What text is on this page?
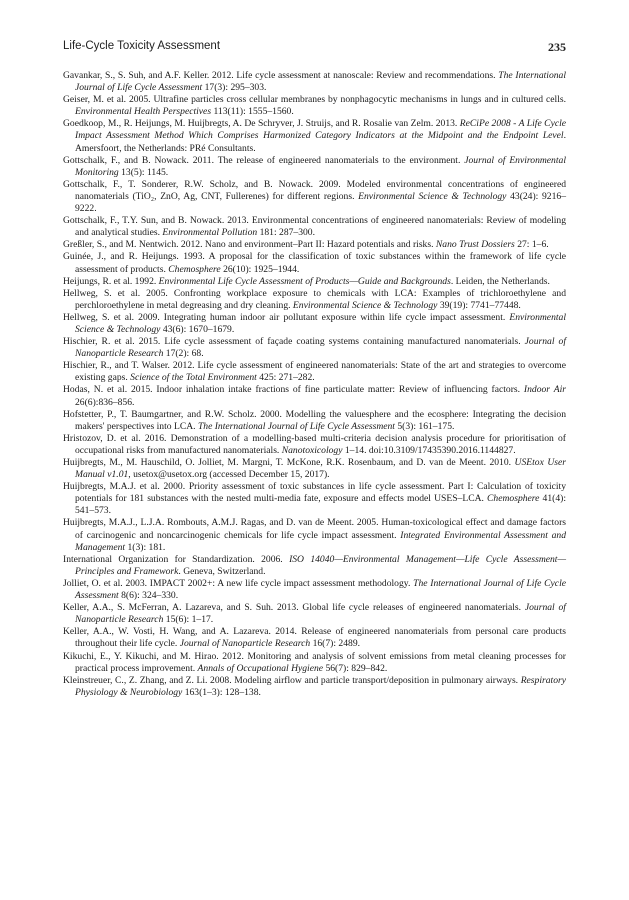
Life-Cycle Toxicity Assessment	235

Gavankar, S., S. Suh, and A.F. Keller. 2012. Life cycle assessment at nanoscale: Review and recommendations. The International Journal of Life Cycle Assessment 17(3): 295–303.

Geiser, M. et al. 2005. Ultrafine particles cross cellular membranes by nonphagocytic mechanisms in lungs and in cultured cells. Environmental Health Perspectives 113(11): 1555–1560.

Goedkoop, M., R. Heijungs, M. Huijbregts, A. De Schryver, J. Struijs, and R. Rosalie van Zelm. 2013. ReCiPe 2008 - A Life Cycle Impact Assessment Method Which Comprises Harmonized Category Indicators at the Midpoint and the Endpoint Level. Amersfoort, the Netherlands: PRé Consultants.

Gottschalk, F., and B. Nowack. 2011. The release of engineered nanomaterials to the environment. Journal of Environmental Monitoring 13(5): 1145.

Gottschalk, F., T. Sonderer, R.W. Scholz, and B. Nowack. 2009. Modeled environmental concentrations of engineered nanomaterials (TiO₂, ZnO, Ag, CNT, Fullerenes) for different regions. Environmental Science & Technology 43(24): 9216–9222.

Gottschalk, F., T.Y. Sun, and B. Nowack. 2013. Environmental concentrations of engineered nanomaterials: Review of modeling and analytical studies. Environmental Pollution 181: 287–300.

Greßler, S., and M. Nentwich. 2012. Nano and environment–Part II: Hazard potentials and risks. Nano Trust Dossiers 27: 1–6.

Guinée, J., and R. Heijungs. 1993. A proposal for the classification of toxic substances within the framework of life cycle assessment of products. Chemosphere 26(10): 1925–1944.

Heijungs, R. et al. 1992. Environmental Life Cycle Assessment of Products—Guide and Backgrounds. Leiden, the Netherlands.

Hellweg, S. et al. 2005. Confronting workplace exposure to chemicals with LCA: Examples of trichloroethylene and perchloroethylene in metal degreasing and dry cleaning. Environmental Science & Technology 39(19): 7741–77448.

Hellweg, S. et al. 2009. Integrating human indoor air pollutant exposure within life cycle impact assessment. Environmental Science & Technology 43(6): 1670–1679.

Hischier, R. et al. 2015. Life cycle assessment of façade coating systems containing manufactured nanomaterials. Journal of Nanoparticle Research 17(2): 68.

Hischier, R., and T. Walser. 2012. Life cycle assessment of engineered nanomaterials: State of the art and strategies to overcome existing gaps. Science of the Total Environment 425: 271–282.

Hodas, N. et al. 2015. Indoor inhalation intake fractions of fine particulate matter: Review of influencing factors. Indoor Air 26(6):836–856.

Hofstetter, P., T. Baumgartner, and R.W. Scholz. 2000. Modelling the valuesphere and the ecosphere: Integrating the decision makers' perspectives into LCA. The International Journal of Life Cycle Assessment 5(3): 161–175.

Hristozov, D. et al. 2016. Demonstration of a modelling-based multi-criteria decision analysis procedure for prioritisation of occupational risks from manufactured nanomaterials. Nanotoxicology 1–14. doi:10.3109/17435390.2016.1144827.

Huijbregts, M., M. Hauschild, O. Jolliet, M. Margni, T. McKone, R.K. Rosenbaum, and D. van de Meent. 2010. USEtox User Manual v1.01, usetox@usetox.org (accessed December 15, 2017).

Huijbregts, M.A.J. et al. 2000. Priority assessment of toxic substances in life cycle assessment. Part I: Calculation of toxicity potentials for 181 substances with the nested multi-media fate, exposure and effects model USES–LCA. Chemosphere 41(4): 541–573.

Huijbregts, M.A.J., L.J.A. Rombouts, A.M.J. Ragas, and D. van de Meent. 2005. Human-toxicological effect and damage factors of carcinogenic and noncarcinogenic chemicals for life cycle impact assessment. Integrated Environmental Assessment and Management 1(3): 181.

International Organization for Standardization. 2006. ISO 14040—Environmental Management—Life Cycle Assessment—Principles and Framework. Geneva, Switzerland.

Jolliet, O. et al. 2003. IMPACT 2002+: A new life cycle impact assessment methodology. The International Journal of Life Cycle Assessment 8(6): 324–330.

Keller, A.A., S. McFerran, A. Lazareva, and S. Suh. 2013. Global life cycle releases of engineered nanomaterials. Journal of Nanoparticle Research 15(6): 1–17.

Keller, A.A., W. Vosti, H. Wang, and A. Lazareva. 2014. Release of engineered nanomaterials from personal care products throughout their life cycle. Journal of Nanoparticle Research 16(7): 2489.

Kikuchi, E., Y. Kikuchi, and M. Hirao. 2012. Monitoring and analysis of solvent emissions from metal cleaning processes for practical process improvement. Annals of Occupational Hygiene 56(7): 829–842.

Kleinstreuer, C., Z. Zhang, and Z. Li. 2008. Modeling airflow and particle transport/deposition in pulmonary airways. Respiratory Physiology & Neurobiology 163(1–3): 128–138.
